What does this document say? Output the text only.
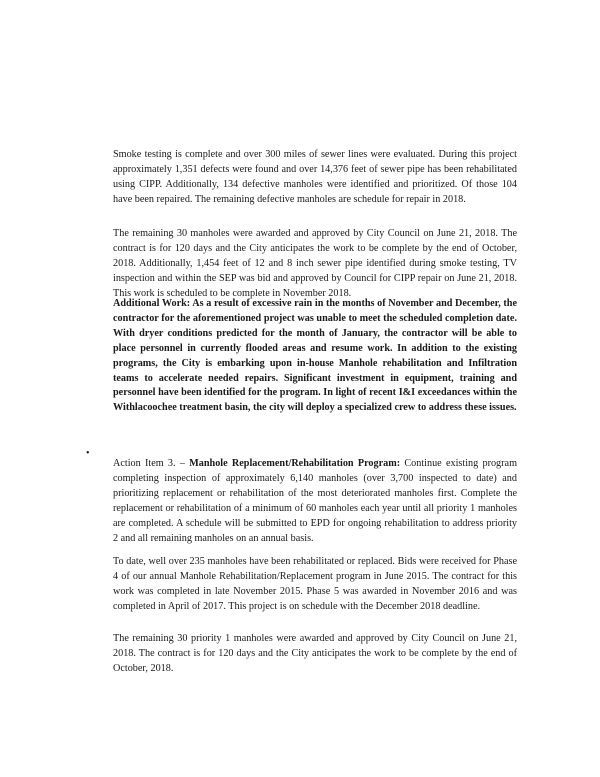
Smoke testing is complete and over 300 miles of sewer lines were evaluated. During this project approximately 1,351 defects were found and over 14,376 feet of sewer pipe has been rehabilitated using CIPP. Additionally, 134 defective manholes were identified and prioritized. Of those 104 have been repaired. The remaining defective manholes are schedule for repair in 2018.

The remaining 30 manholes were awarded and approved by City Council on June 21, 2018. The contract is for 120 days and the City anticipates the work to be complete by the end of October, 2018. Additionally, 1,454 feet of 12 and 8 inch sewer pipe identified during smoke testing, TV inspection and within the SEP was bid and approved by Council for CIPP repair on June 21, 2018. This work is scheduled to be complete in November 2018.

Additional Work: As a result of excessive rain in the months of November and December, the contractor for the aforementioned project was unable to meet the scheduled completion date. With dryer conditions predicted for the month of January, the contractor will be able to place personnel in currently flooded areas and resume work. In addition to the existing programs, the City is embarking upon in-house Manhole rehabilitation and Infiltration teams to accelerate needed repairs. Significant investment in equipment, training and personnel have been identified for the program. In light of recent I&I exceedances within the Withlacoochee treatment basin, the city will deploy a specialized crew to address these issues.

•

Action Item 3. – Manhole Replacement/Rehabilitation Program: Continue existing program completing inspection of approximately 6,140 manholes (over 3,700 inspected to date) and prioritizing replacement or rehabilitation of the most deteriorated manholes first. Complete the replacement or rehabilitation of a minimum of 60 manholes each year until all priority 1 manholes are completed. A schedule will be submitted to EPD for ongoing rehabilitation to address priority 2 and all remaining manholes on an annual basis.

To date, well over 235 manholes have been rehabilitated or replaced. Bids were received for Phase 4 of our annual Manhole Rehabilitation/Replacement program in June 2015. The contract for this work was completed in late November 2015. Phase 5 was awarded in November 2016 and was completed in April of 2017. This project is on schedule with the December 2018 deadline.

The remaining 30 priority 1 manholes were awarded and approved by City Council on June 21, 2018. The contract is for 120 days and the City anticipates the work to be complete by the end of October, 2018.
